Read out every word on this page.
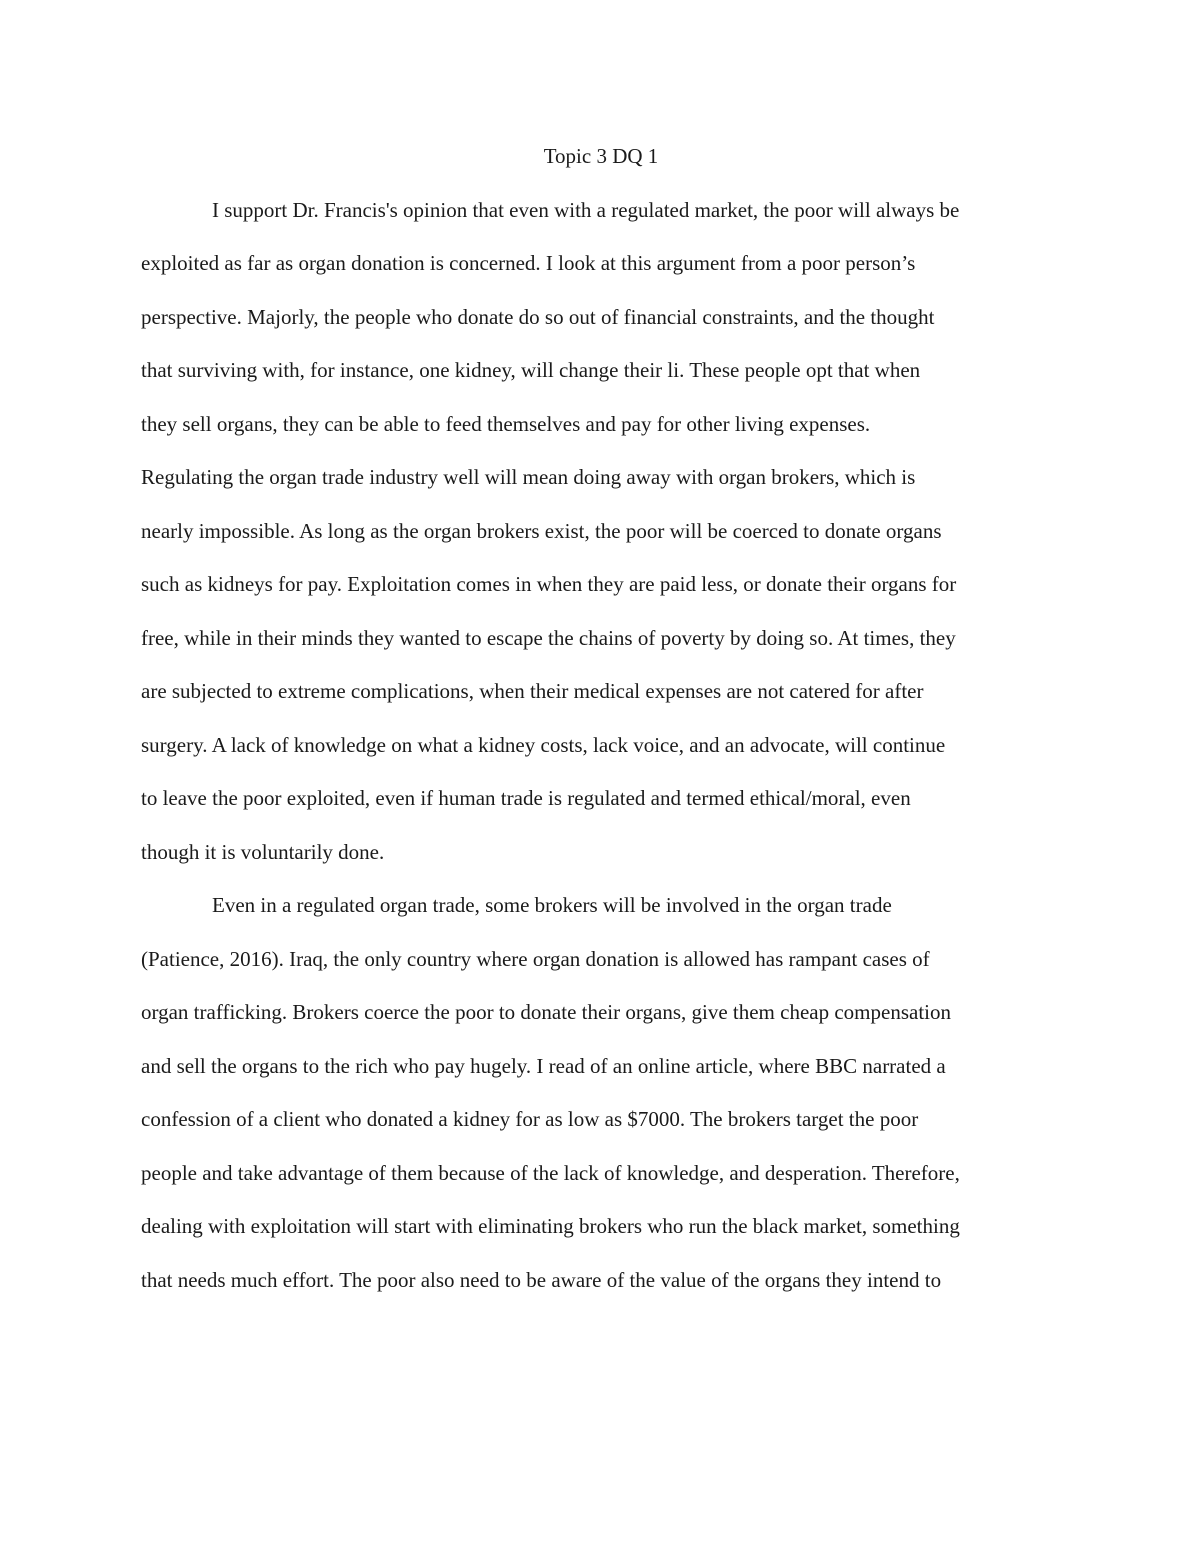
Topic 3 DQ 1

I support Dr. Francis's opinion that even with a regulated market, the poor will always be

exploited as far as organ donation is concerned. I look at this argument from a poor person’s

perspective. Majorly, the people who donate do so out of financial constraints, and the thought

that surviving with, for instance, one kidney, will change their li. These people opt that when

they sell organs, they can be able to feed themselves and pay for other living expenses.

Regulating the organ trade industry well will mean doing away with organ brokers, which is

nearly impossible. As long as the organ brokers exist, the poor will be coerced to donate organs

such as kidneys for pay. Exploitation comes in when they are paid less, or donate their organs for

free, while in their minds they wanted to escape the chains of poverty by doing so. At times, they

are subjected to extreme complications, when their medical expenses are not catered for after

surgery. A lack of knowledge on what a kidney costs, lack voice, and an advocate, will continue

to leave the poor exploited, even if human trade is regulated and termed ethical/moral, even

though it is voluntarily done.

Even in a regulated organ trade, some brokers will be involved in the organ trade

(Patience, 2016). Iraq, the only country where organ donation is allowed has rampant cases of

organ trafficking. Brokers coerce the poor to donate their organs, give them cheap compensation

and sell the organs to the rich who pay hugely. I read of an online article, where BBC narrated a

confession of a client who donated a kidney for as low as $7000. The brokers target the poor

people and take advantage of them because of the lack of knowledge, and desperation. Therefore,

dealing with exploitation will start with eliminating brokers who run the black market, something

that needs much effort. The poor also need to be aware of the value of the organs they intend to
